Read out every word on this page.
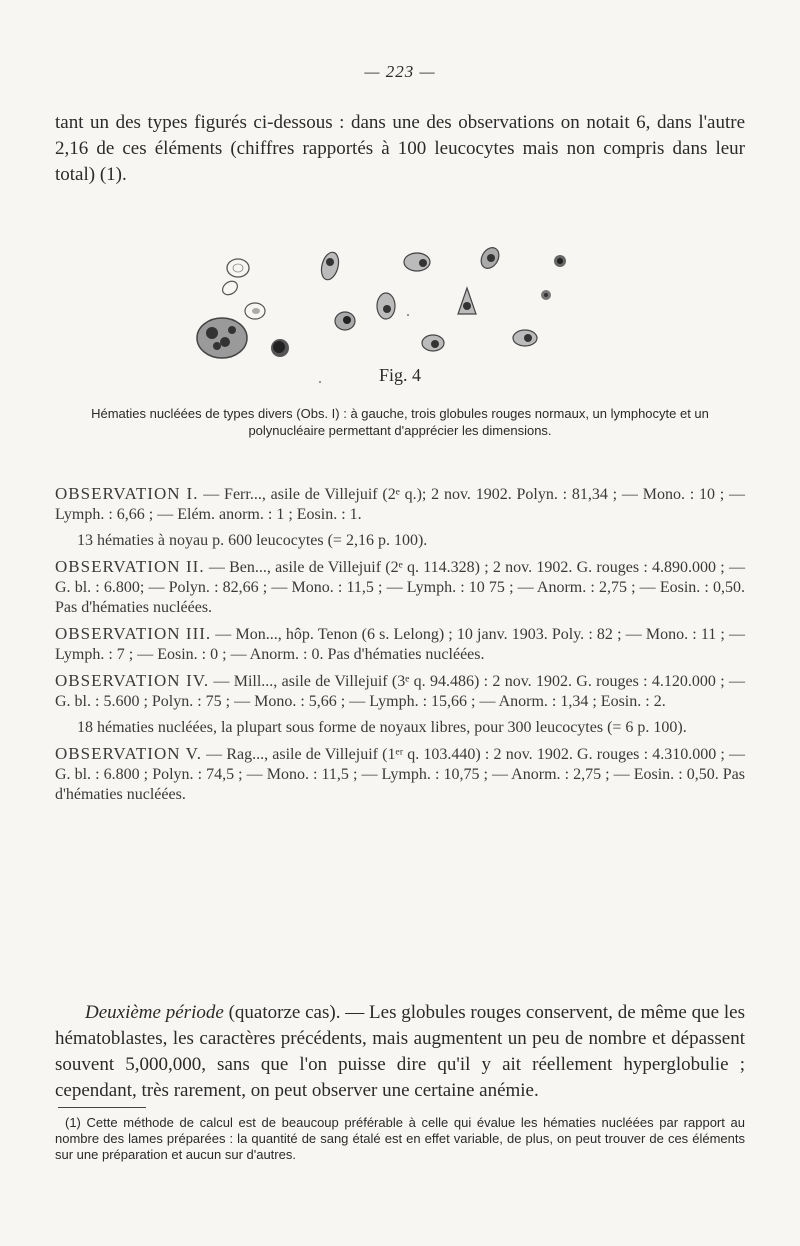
— 223 —

tant un des types figurés ci-dessous : dans une des observations on notait 6, dans l'autre 2,16 de ces éléments (chiffres rapportés à 100 leucocytes mais non compris dans leur total) (1).

Fig. 4

Hématies nucléées de types divers (Obs. I) : à gauche, trois globules rouges normaux, un lymphocyte et un polynucléaire permettant d'apprécier les dimensions.

OBSERVATION I. — Ferr..., asile de Villejuif (2ᵉ q.); 2 nov. 1902. Polyn. : 81,34 ; — Mono. : 10 ; — Lymph. : 6,66 ; — Elém. anorm. : 1 ; Eosin. : 1.

13 hématies à noyau p. 600 leucocytes (= 2,16 p. 100).

OBSERVATION II. — Ben..., asile de Villejuif (2ᵉ q. 114.328) ; 2 nov. 1902. G. rouges : 4.890.000 ; — G. bl. : 6.800; — Polyn. : 82,66 ; — Mono. : 11,5 ; — Lymph. : 10 75 ; — Anorm. : 2,75 ; — Eosin. : 0,50. Pas d'hématies nucléées.

OBSERVATION III. — Mon..., hôp. Tenon (6 s. Lelong) ; 10 janv. 1903. Poly. : 82 ; — Mono. : 11 ; — Lymph. : 7 ; — Eosin. : 0 ; — Anorm. : 0. Pas d'hématies nucléées.

OBSERVATION IV. — Mill..., asile de Villejuif (3ᵉ q. 94.486) : 2 nov. 1902. G. rouges : 4.120.000 ; — G. bl. : 5.600 ; Polyn. : 75 ; — Mono. : 5,66 ; — Lymph. : 15,66 ; — Anorm. : 1,34 ; Eosin. : 2.

18 hématies nucléées, la plupart sous forme de noyaux libres, pour 300 leucocytes (= 6 p. 100).

OBSERVATION V. — Rag..., asile de Villejuif (1ᵉʳ q. 103.440) : 2 nov. 1902. G. rouges : 4.310.000 ; — G. bl. : 6.800 ; Polyn. : 74,5 ; — Mono. : 11,5 ; — Lymph. : 10,75 ; — Anorm. : 2,75 ; — Eosin. : 0,50. Pas d'hématies nucléées.

Deuxième période (quatorze cas). — Les globules rouges conservent, de même que les hématoblastes, les caractères précédents, mais augmentent un peu de nombre et dépassent souvent 5,000,000, sans que l'on puisse dire qu'il y ait réellement hyperglobulie ; cependant, très rarement, on peut observer une certaine anémie.

(1) Cette méthode de calcul est de beaucoup préférable à celle qui évalue les hématies nucléées par rapport au nombre des lames préparées : la quantité de sang étalé est en effet variable, de plus, on peut trouver de ces éléments sur une préparation et aucun sur d'autres.
